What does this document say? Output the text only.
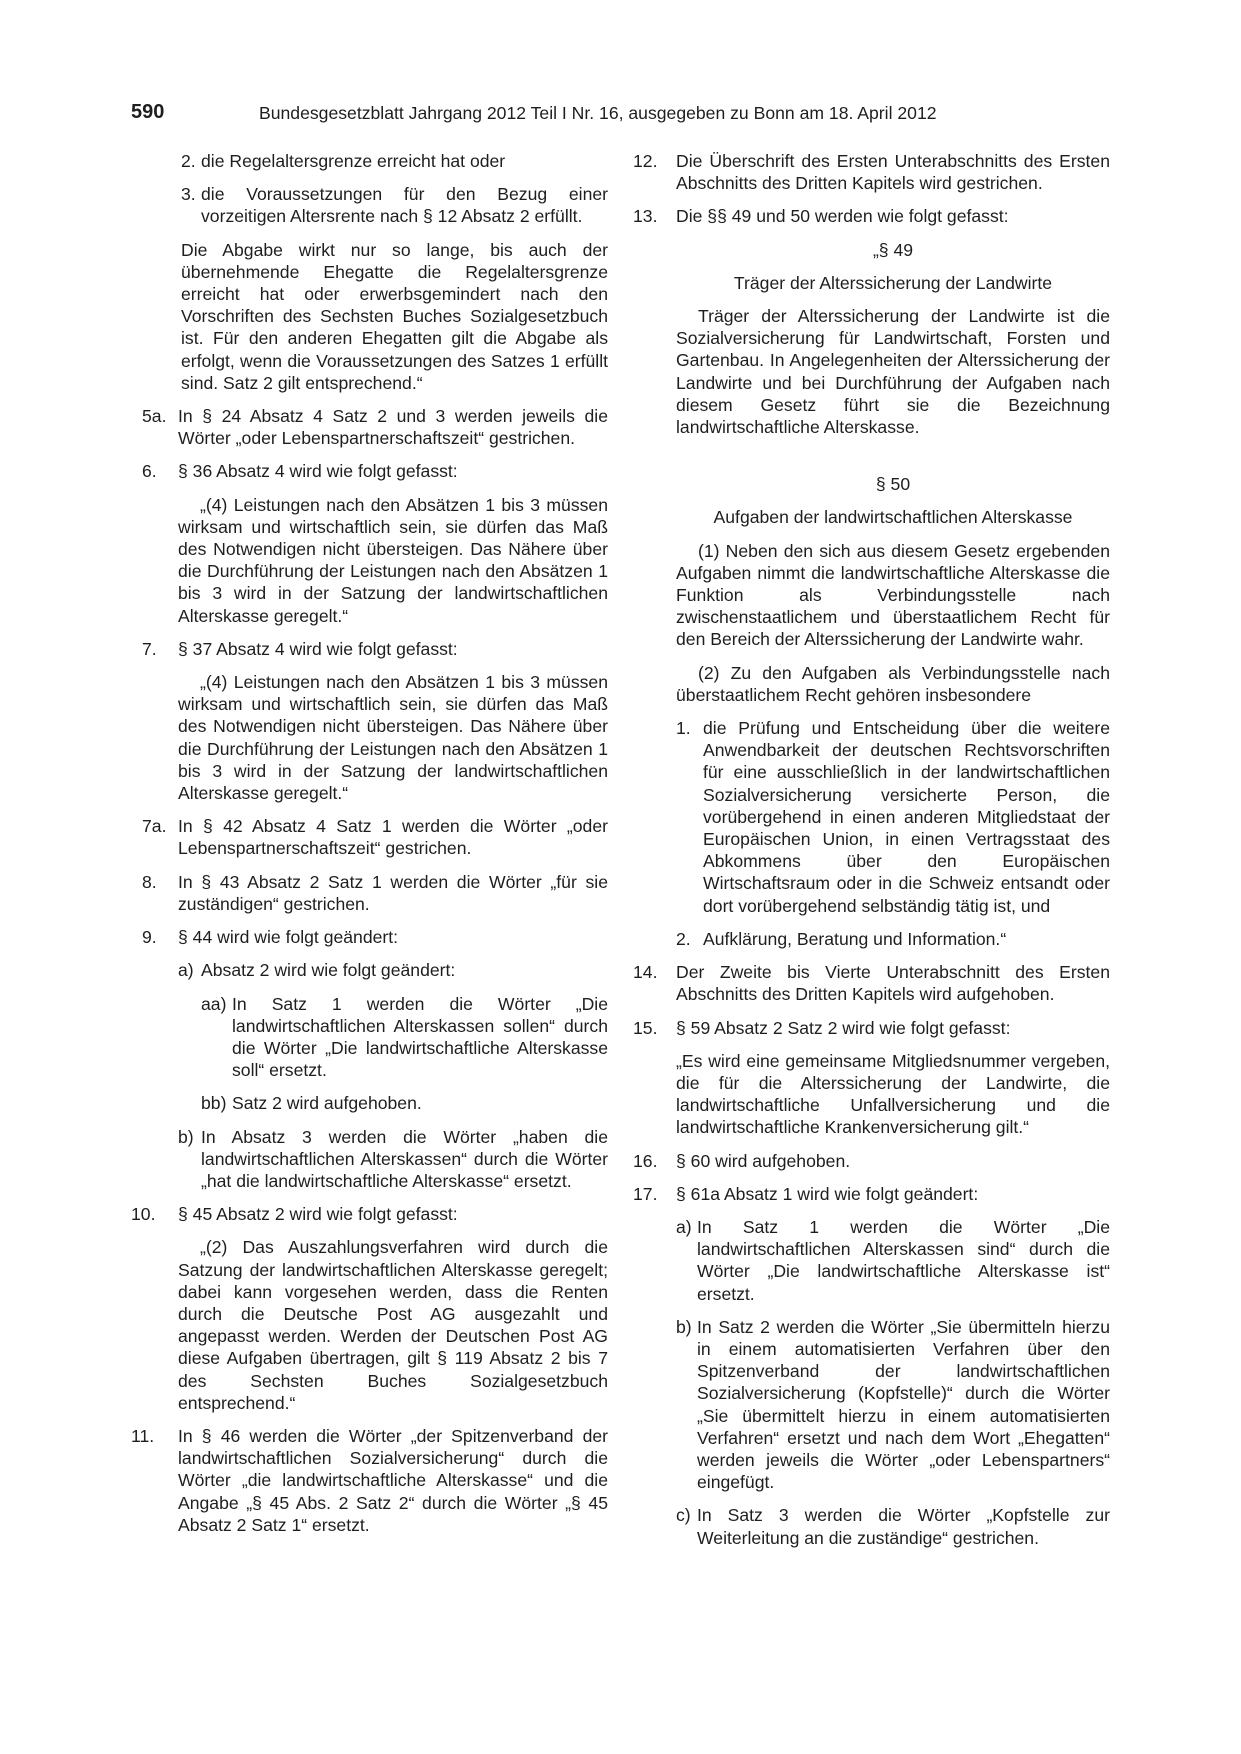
590	Bundesgesetzblatt Jahrgang 2012 Teil I Nr. 16, ausgegeben zu Bonn am 18. April 2012
2. die Regelaltersgrenze erreicht hat oder

3. die Voraussetzungen für den Bezug einer vorzeitigen Altersrente nach § 12 Absatz 2 erfüllt.

Die Abgabe wirkt nur so lange, bis auch der übernehmende Ehegatte die Regelaltersgrenze erreicht hat oder erwerbsgemindert nach den Vorschriften des Sechsten Buches Sozialgesetzbuch ist. Für den anderen Ehegatten gilt die Abgabe als erfolgt, wenn die Voraussetzungen des Satzes 1 erfüllt sind. Satz 2 gilt entsprechend.“

5a. In § 24 Absatz 4 Satz 2 und 3 werden jeweils die Wörter „oder Lebenspartnerschaftszeit“ gestrichen.

6. § 36 Absatz 4 wird wie folgt gefasst:

„(4) Leistungen nach den Absätzen 1 bis 3 müssen wirksam und wirtschaftlich sein, sie dürfen das Maß des Notwendigen nicht übersteigen. Das Nähere über die Durchführung der Leistungen nach den Absätzen 1 bis 3 wird in der Satzung der landwirtschaftlichen Alterskasse geregelt.“

7. § 37 Absatz 4 wird wie folgt gefasst:

„(4) Leistungen nach den Absätzen 1 bis 3 müssen wirksam und wirtschaftlich sein, sie dürfen das Maß des Notwendigen nicht übersteigen. Das Nähere über die Durchführung der Leistungen nach den Absätzen 1 bis 3 wird in der Satzung der landwirtschaftlichen Alterskasse geregelt.“

7a. In § 42 Absatz 4 Satz 1 werden die Wörter „oder Lebenspartnerschaftszeit“ gestrichen.

8. In § 43 Absatz 2 Satz 1 werden die Wörter „für sie zuständigen“ gestrichen.

9. § 44 wird wie folgt geändert:

a) Absatz 2 wird wie folgt geändert:

aa) In Satz 1 werden die Wörter „Die landwirtschaftlichen Alterskassen sollen“ durch die Wörter „Die landwirtschaftliche Alterskasse soll“ ersetzt.

bb) Satz 2 wird aufgehoben.

b) In Absatz 3 werden die Wörter „haben die landwirtschaftlichen Alterskassen“ durch die Wörter „hat die landwirtschaftliche Alterskasse“ ersetzt.

10. § 45 Absatz 2 wird wie folgt gefasst:

„(2) Das Auszahlungsverfahren wird durch die Satzung der landwirtschaftlichen Alterskasse geregelt; dabei kann vorgesehen werden, dass die Renten durch die Deutsche Post AG ausgezahlt und angepasst werden. Werden der Deutschen Post AG diese Aufgaben übertragen, gilt § 119 Absatz 2 bis 7 des Sechsten Buches Sozialgesetzbuch entsprechend.“

11. In § 46 werden die Wörter „der Spitzenverband der landwirtschaftlichen Sozialversicherung“ durch die Wörter „die landwirtschaftliche Alterskasse“ und die Angabe „§ 45 Abs. 2 Satz 2“ durch die Wörter „§ 45 Absatz 2 Satz 1“ ersetzt.

12. Die Überschrift des Ersten Unterabschnitts des Ersten Abschnitts des Dritten Kapitels wird gestrichen.

13. Die §§ 49 und 50 werden wie folgt gefasst:

„§ 49

Träger der Alterssicherung der Landwirte

Träger der Alterssicherung der Landwirte ist die Sozialversicherung für Landwirtschaft, Forsten und Gartenbau. In Angelegenheiten der Alterssicherung der Landwirte und bei Durchführung der Aufgaben nach diesem Gesetz führt sie die Bezeichnung landwirtschaftliche Alterskasse.

§ 50

Aufgaben der landwirtschaftlichen Alterskasse

(1) Neben den sich aus diesem Gesetz ergebenden Aufgaben nimmt die landwirtschaftliche Alterskasse die Funktion als Verbindungsstelle nach zwischenstaatlichem und überstaatlichem Recht für den Bereich der Alterssicherung der Landwirte wahr.

(2) Zu den Aufgaben als Verbindungsstelle nach überstaatlichem Recht gehören insbesondere

1. die Prüfung und Entscheidung über die weitere Anwendbarkeit der deutschen Rechtsvorschriften für eine ausschließlich in der landwirtschaftlichen Sozialversicherung versicherte Person, die vorübergehend in einen anderen Mitgliedstaat der Europäischen Union, in einen Vertragsstaat des Abkommens über den Europäischen Wirtschaftsraum oder in die Schweiz entsandt oder dort vorübergehend selbständig tätig ist, und

2. Aufklärung, Beratung und Information.“

14. Der Zweite bis Vierte Unterabschnitt des Ersten Abschnitts des Dritten Kapitels wird aufgehoben.

15. § 59 Absatz 2 Satz 2 wird wie folgt gefasst:

„Es wird eine gemeinsame Mitgliedsnummer vergeben, die für die Alterssicherung der Landwirte, die landwirtschaftliche Unfallversicherung und die landwirtschaftliche Krankenversicherung gilt.“

16. § 60 wird aufgehoben.

17. § 61a Absatz 1 wird wie folgt geändert:

a) In Satz 1 werden die Wörter „Die landwirtschaftlichen Alterskassen sind“ durch die Wörter „Die landwirtschaftliche Alterskasse ist“ ersetzt.

b) In Satz 2 werden die Wörter „Sie übermitteln hierzu in einem automatisierten Verfahren über den Spitzenverband der landwirtschaftlichen Sozialversicherung (Kopfstelle)“ durch die Wörter „Sie übermittelt hierzu in einem automatisierten Verfahren“ ersetzt und nach dem Wort „Ehegatten“ werden jeweils die Wörter „oder Lebenspartners“ eingefügt.

c) In Satz 3 werden die Wörter „Kopfstelle zur Weiterleitung an die zuständige“ gestrichen.
